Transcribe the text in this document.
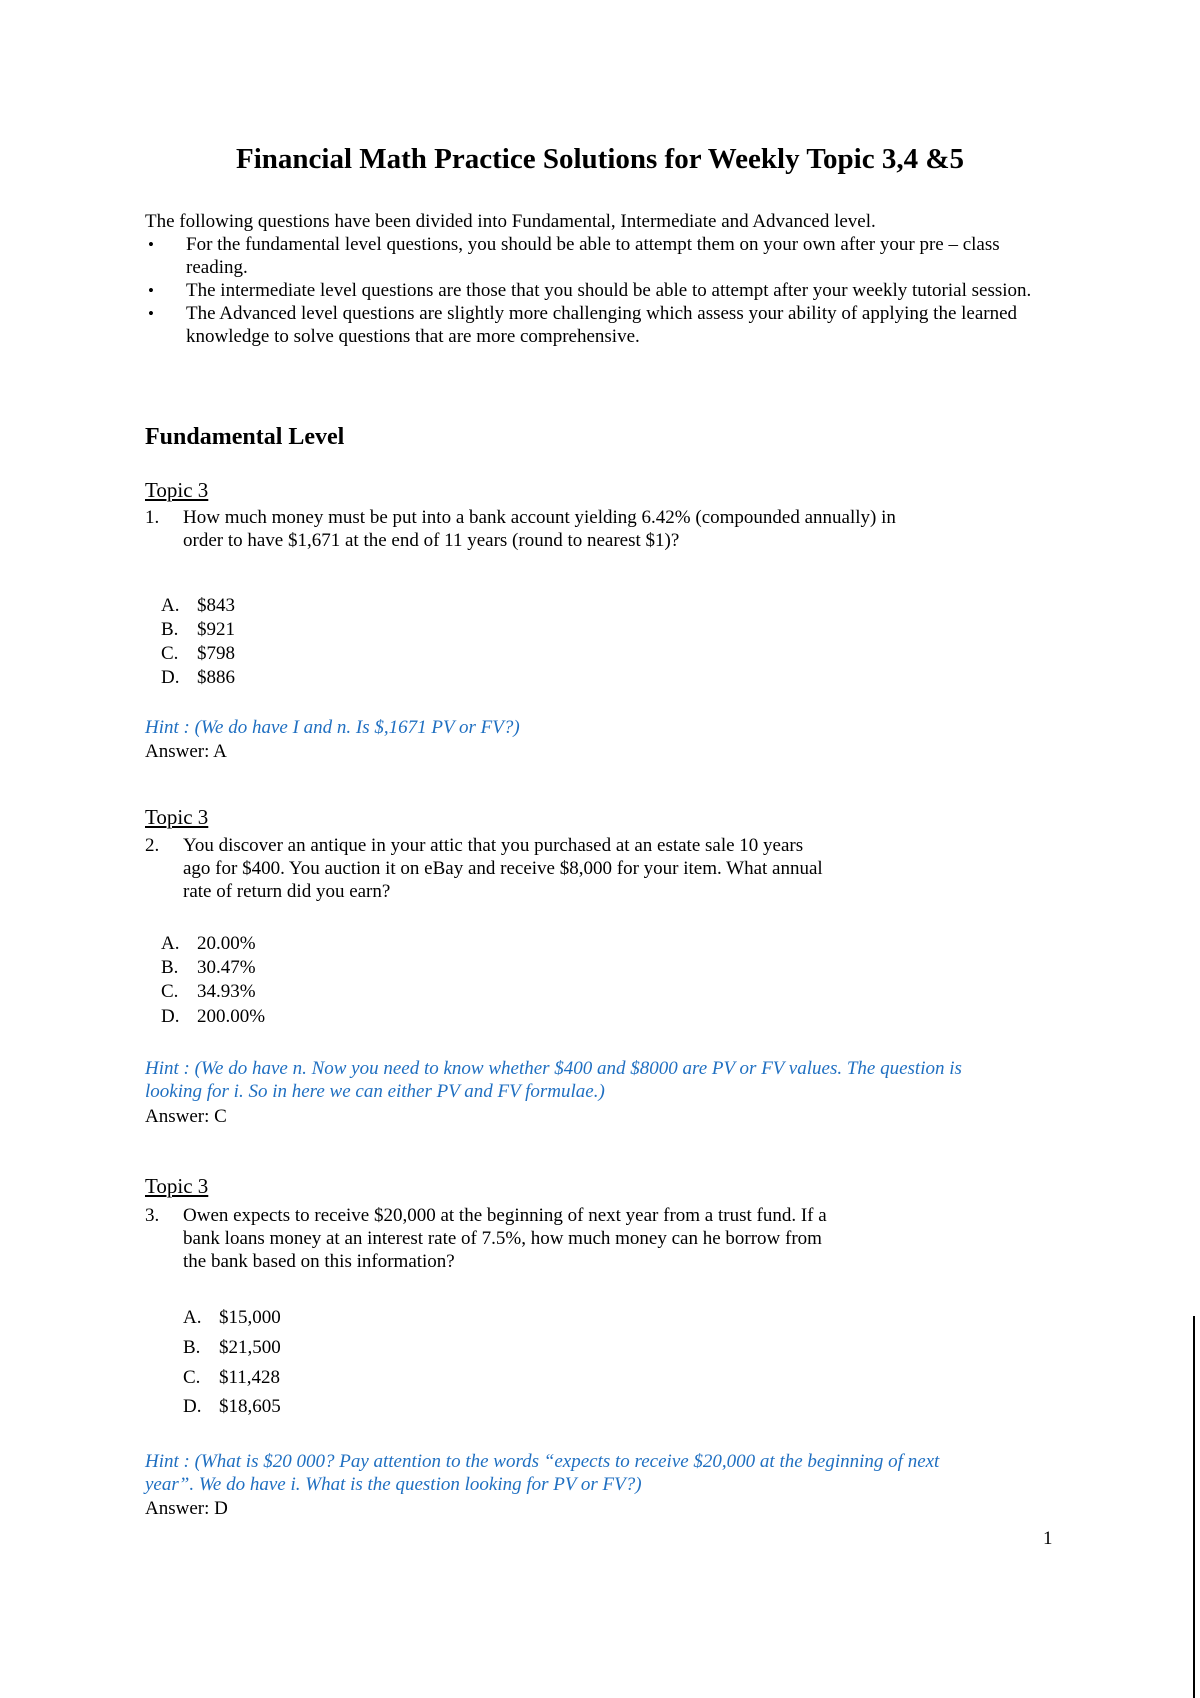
Financial Math Practice Solutions for Weekly Topic 3,4 &5
The following questions have been divided into Fundamental, Intermediate and Advanced level.
• For the fundamental level questions, you should be able to attempt them on your own after your pre – class reading.
• The intermediate level questions are those that you should be able to attempt after your weekly tutorial session.
• The Advanced level questions are slightly more challenging which assess your ability of applying the learned knowledge to solve questions that are more comprehensive.
Fundamental Level
Topic 3
1. How much money must be put into a bank account yielding 6.42% (compounded annually) in
order to have $1,671 at the end of 11 years (round to nearest $1)?
A. $843
B. $921
C. $798
D. $886
Hint : (We do have I and n. Is $,1671 PV or FV?)
Answer: A
Topic 3
2. You discover an antique in your attic that you purchased at an estate sale 10 years
ago for $400. You auction it on eBay and receive $8,000 for your item. What annual
rate of return did you earn?
A. 20.00%
B. 30.47%
C. 34.93%
D. 200.00%
Hint : (We do have n. Now you need to know whether $400 and $8000 are PV or FV values. The question is
looking for i. So in here we can either PV and FV formulae.)
Answer: C
Topic 3
3. Owen expects to receive $20,000 at the beginning of next year from a trust fund. If a
bank loans money at an interest rate of 7.5%, how much money can he borrow from
the bank based on this information?
A. $15,000
B. $21,500
C. $11,428
D. $18,605
Hint : (What is $20 000? Pay attention to the words “expects to receive $20,000 at the beginning of next
year”. We do have i. What is the question looking for PV or FV?)
Answer: D
1
